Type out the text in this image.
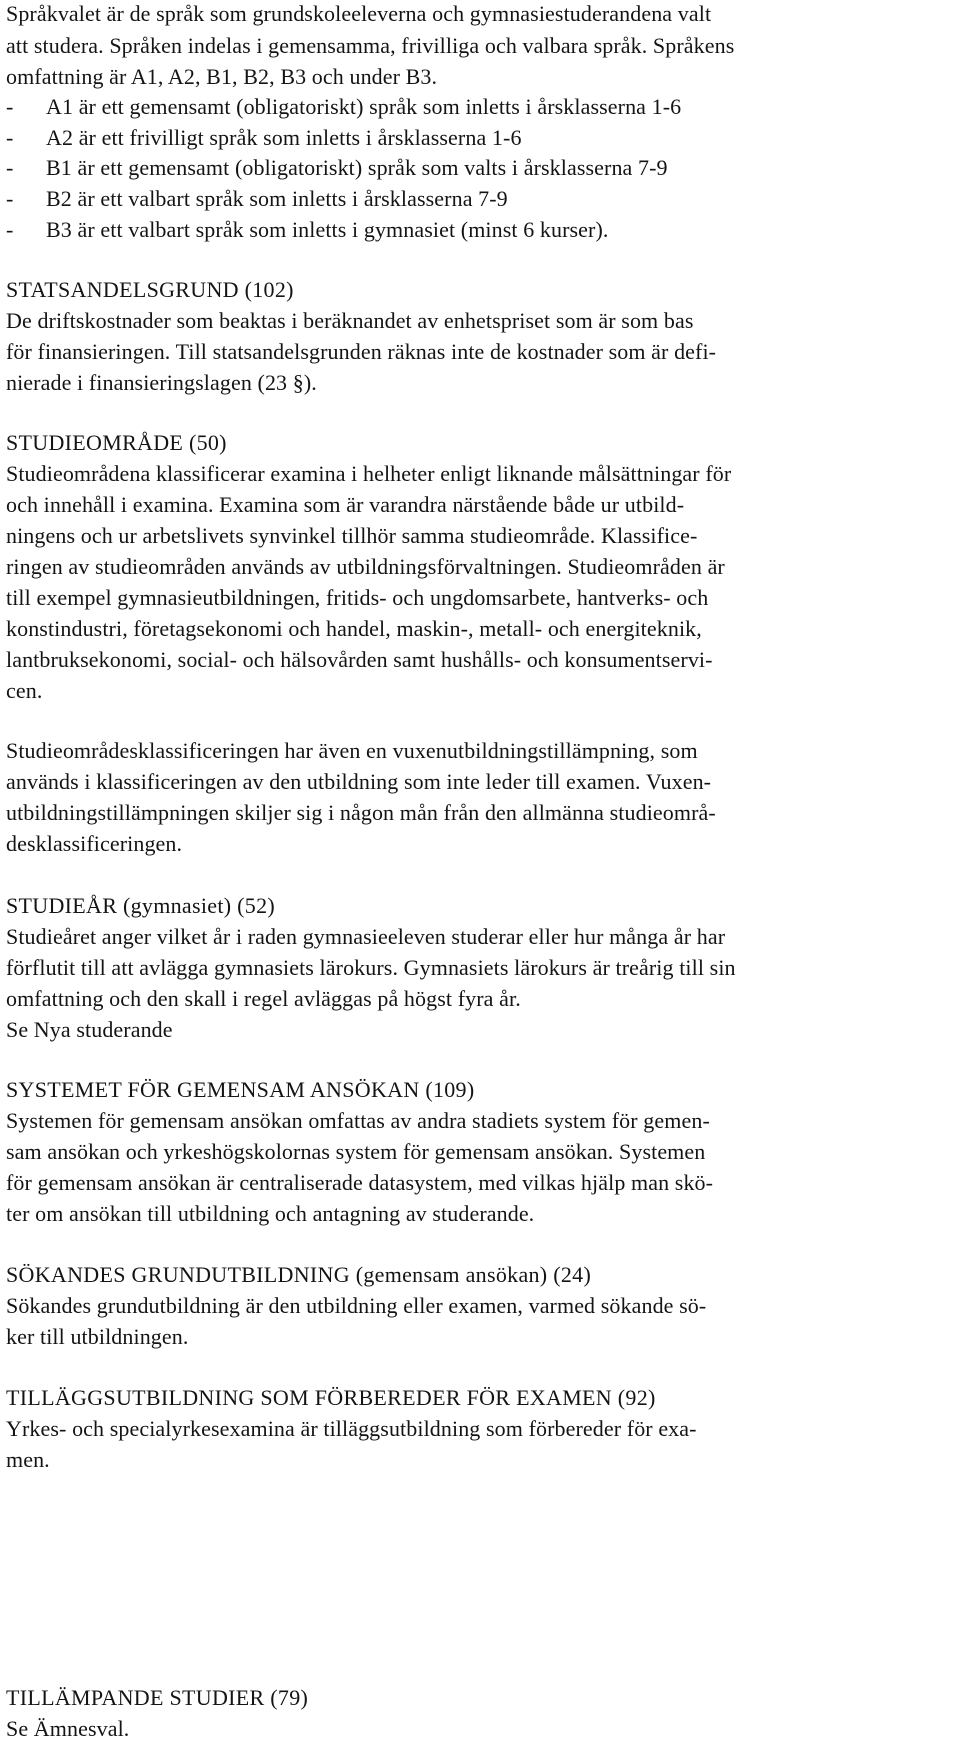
Språkvalet är de språk som grundskoleeleverna och gymnasiestuderandena valt
att studera. Språken indelas i gemensamma, frivilliga och valbara språk. Språkens
omfattning är A1, A2, B1, B2, B3 och under B3.
- A1 är ett gemensamt (obligatoriskt) språk som inletts i årsklasserna 1-6
- A2 är ett frivilligt språk som inletts i årsklasserna 1-6
- B1 är ett gemensamt (obligatoriskt) språk som valts i årsklasserna 7-9
- B2 är ett valbart språk som inletts i årsklasserna 7-9
- B3 är ett valbart språk som inletts i gymnasiet (minst 6 kurser).
STATSANDELSGRUND (102)
De driftskostnader som beaktas i beräknandet av enhetspriset som är som bas
för finansieringen. Till statsandelsgrunden räknas inte de kostnader som är defi-
nierade i finansieringslagen (23 §).
STUDIEOMRÅDE (50)
Studieområdena klassificerar examina i helheter enligt liknande målsättningar för
och innehåll i examina. Examina som är varandra närstående både ur utbild-
ningens och ur arbetslivets synvinkel tillhör samma studieområde. Klassifice-
ringen av studieområden används av utbildningsförvaltningen. Studieområden är
till exempel gymnasieutbildningen, fritids- och ungdomsarbete, hantverks- och
konstindustri, företagsekonomi och handel, maskin-, metall- och energiteknik,
lantbruksekonomi, social- och hälsovården samt hushålls- och konsumentservi-
cen.
Studieområdesklassificeringen har även en vuxenutbildningstillämpning, som
används i klassificeringen av den utbildning som inte leder till examen. Vuxen-
utbildningstillämpningen skiljer sig i någon mån från den allmänna studieområ-
desklassificeringen.
STUDIEÅR (gymnasiet) (52)
Studieåret anger vilket år i raden gymnasieeleven studerar eller hur många år har
förflutit till att avlägga gymnasiets lärokurs. Gymnasiets lärokurs är treårig till sin
omfattning och den skall i regel avläggas på högst fyra år.
Se Nya studerande
SYSTEMET FÖR GEMENSAM ANSÖKAN (109)
Systemen för gemensam ansökan omfattas av andra stadiets system för gemen-
sam ansökan och yrkeshögskolornas system för gemensam ansökan. Systemen
för gemensam ansökan är centraliserade datasystem, med vilkas hjälp man skö-
ter om ansökan till utbildning och antagning av studerande.
SÖKANDES GRUNDUTBILDNING (gemensam ansökan) (24)
Sökandes grundutbildning är den utbildning eller examen, varmed sökande sö-
ker till utbildningen.
TILLÄGGSUTBILDNING SOM FÖRBEREDER FÖR EXAMEN (92)
Yrkes- och specialyrkesexamina är tilläggsutbildning som förbereder för exa-
men.
TILLÄMPANDE STUDIER (79)
Se Ämnesval.
